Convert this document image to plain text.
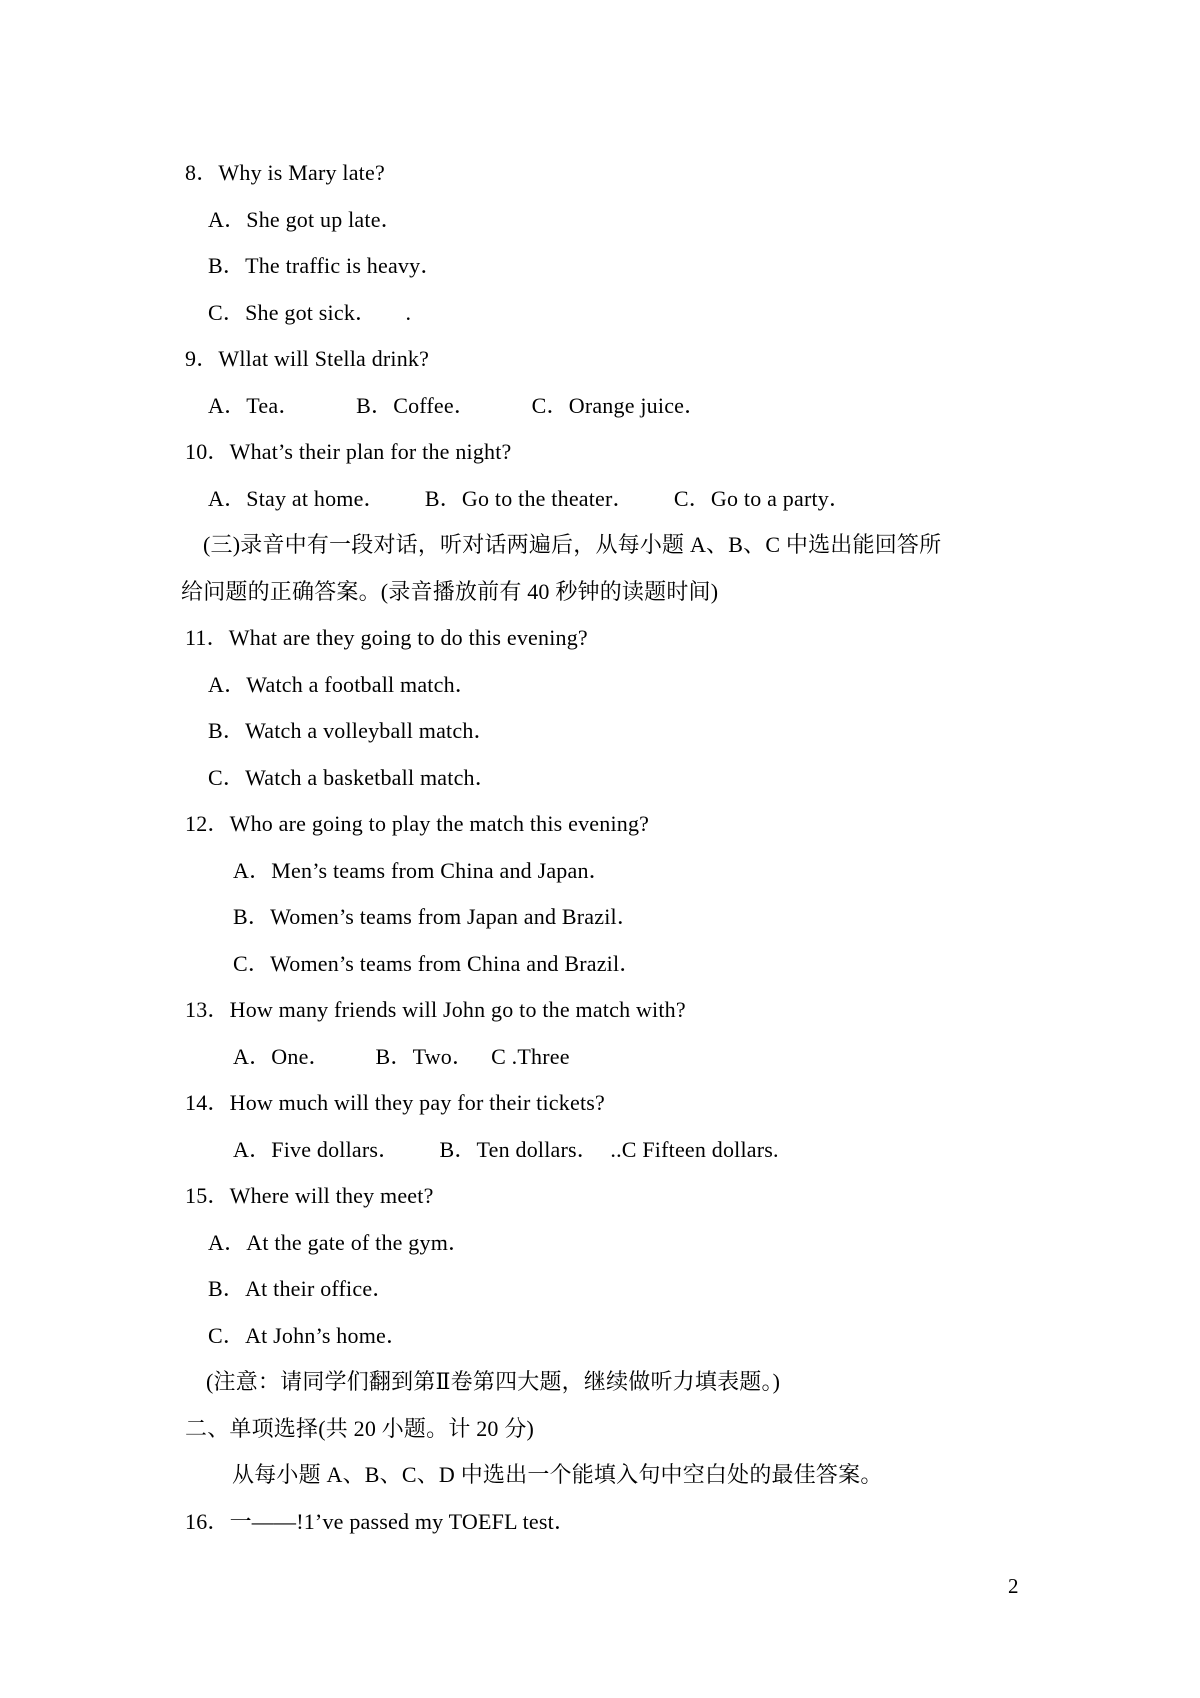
8．Why is Mary late?
A．She got up late．
B．The traffic is heavy．
C．She got sick．　   .
9．Wllat will Stella drink?
A．Tea．　　　B．Coffee．　　　C．Orange juice．
10．What’s their plan for the night?
A．Stay at home．　　 B．Go to the theater．　　 C．Go to a party．
(三)录音中有一段对话，听对话两遍后，从每小题 A、B、C 中选出能回答所
给问题的正确答案。(录音播放前有 40 秒钟的读题时间)
11．What are they going to do this evening?
A．Watch a football match．
B．Watch a volleyball match．
C．Watch a basketball match．
12．Who are going to play the match this evening?
A．Men’s teams from China and Japan．
B．Women’s teams from Japan and Brazil．
C．Women’s teams from China and Brazil．
13．How many friends will John go to the match with?
A．One．　　  B．Two．　 C .Three
14．How much will they pay for their tickets?
A．Five dollars．　　 B．Ten dollars．  ..C Fifteen dollars.
15．Where will they meet?
A．At the gate of the gym．
B．At their office．
C．At John’s home．
(注意：请同学们翻到第Ⅱ卷第四大题，继续做听力填表题。)
二、单项选择(共 20 小题。计 20 分)
从每小题 A、B、C、D 中选出一个能填入句中空白处的最佳答案。
16．一——!1’ve passed my TOEFL test．
2
